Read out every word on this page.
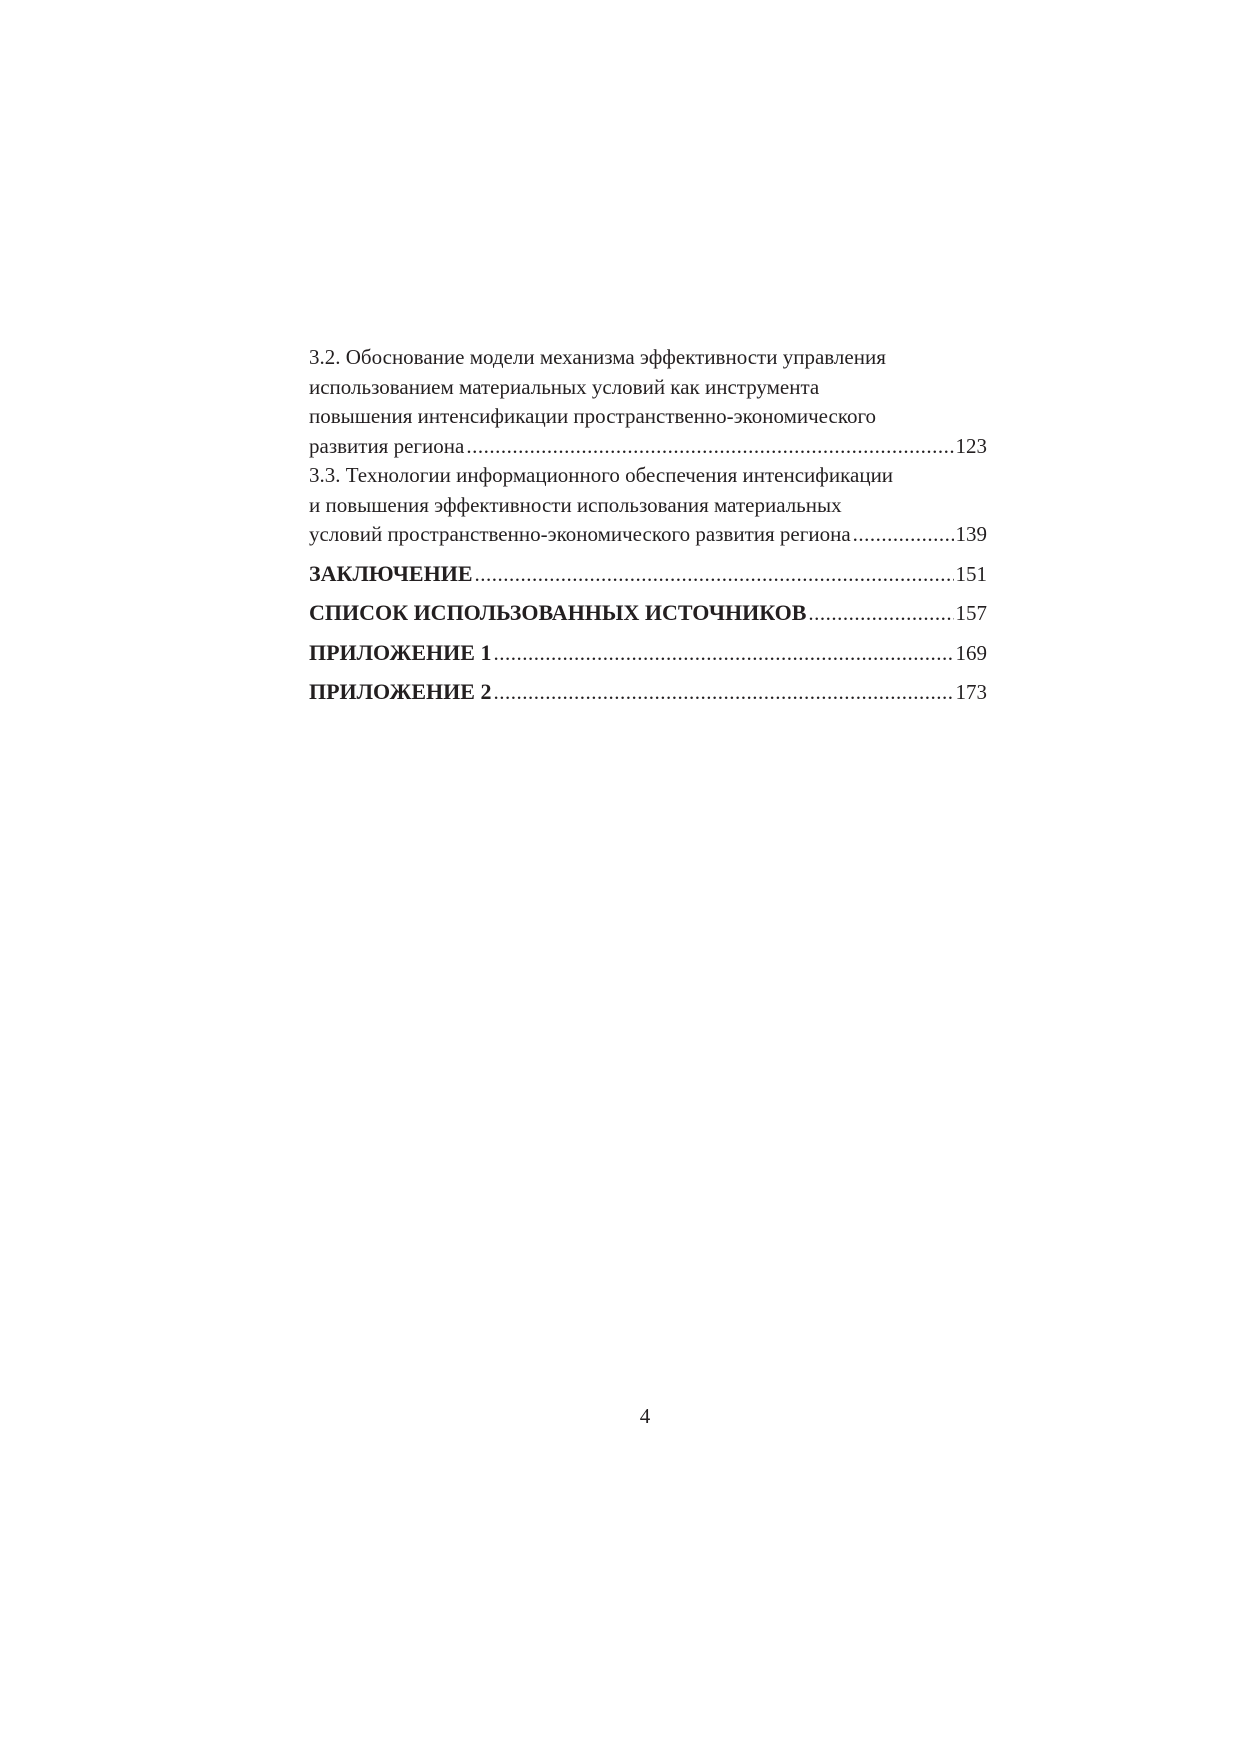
3.2. Обоснование модели механизма эффективности управления
использованием материальных условий как инструмента
повышения интенсификации пространственно-экономического
развития региона .....	123
3.3. Технологии информационного обеспечения интенсификации
и повышения эффективности использования материальных
условий пространственно-экономического развития региона .....	139
ЗАКЛЮЧЕНИЕ .....	151
СПИСОК ИСПОЛЬЗОВАННЫХ ИСТОЧНИКОВ .....	157
ПРИЛОЖЕНИЕ 1 .....	169
ПРИЛОЖЕНИЕ 2 .....	173
4
